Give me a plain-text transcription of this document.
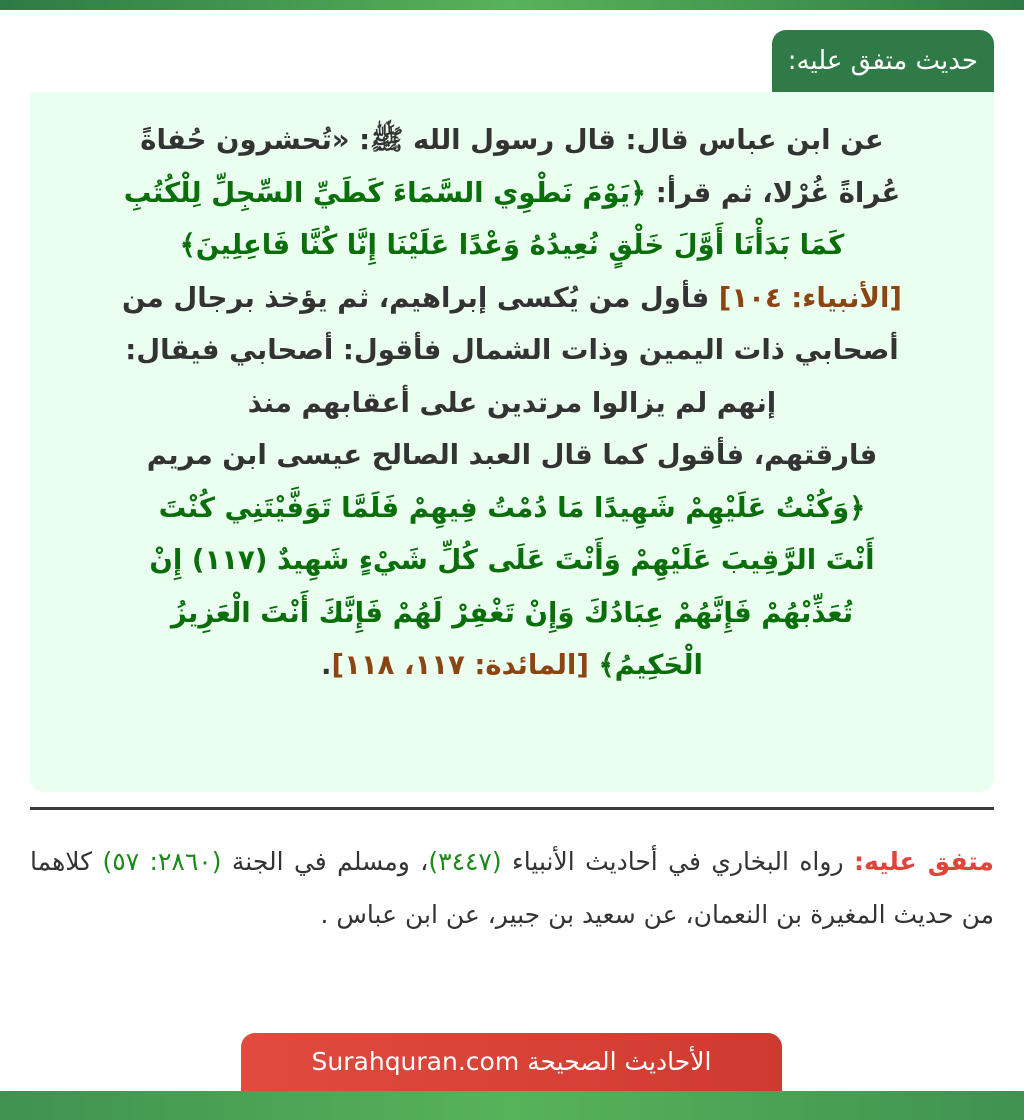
حديث متفق عليه:
عن ابن عباس قال: قال رسول الله ﷺ: «تُحشرون حُفاةً
عُراةً غُرْلا، ثم قرأ: ﴿يَوْمَ نَطْوِي السَّمَاءَ كَطَيِّ السِّجِلِّ لِلْكُتُبِ
كَمَا بَدَأْنَا أَوَّلَ خَلْقٍ نُعِيدُهُ وَعْدًا عَلَيْنَا إِنَّا كُنَّا فَاعِلِينَ﴾
[الأنبياء: ١٠٤] فأول من يُكسى إبراهيم، ثم يؤخذ برجال من
أصحابي ذات اليمين وذات الشمال فأقول: أصحابي فيقال:
إنهم لم يزالوا مرتدين على أعقابهم منذ
فارقتهم، فأقول كما قال العبد الصالح عيسى ابن مريم
﴿وَكُنْتُ عَلَيْهِمْ شَهِيدًا مَا دُمْتُ فِيهِمْ فَلَمَّا تَوَفَّيْتَنِي كُنْتَ
أَنْتَ الرَّقِيبَ عَلَيْهِمْ وَأَنْتَ عَلَى كُلِّ شَيْءٍ شَهِيدٌ (١١٧) إِنْ
تُعَذِّبْهُمْ فَإِنَّهُمْ عِبَادُكَ وَإِنْ تَغْفِرْ لَهُمْ فَإِنَّكَ أَنْتَ الْعَزِيزُ
الْحَكِيمُ﴾ [المائدة: ١١٧، ١١٨].
متفق عليه: رواه البخاري في أحاديث الأنبياء (٣٤٤٧)، ومسلم في الجنة (٢٨٦٠: ٥٧) كلاهما من حديث المغيرة بن النعمان، عن سعيد بن جبير، عن ابن عباس .
الأحاديث الصحيحة Surahquran.com
